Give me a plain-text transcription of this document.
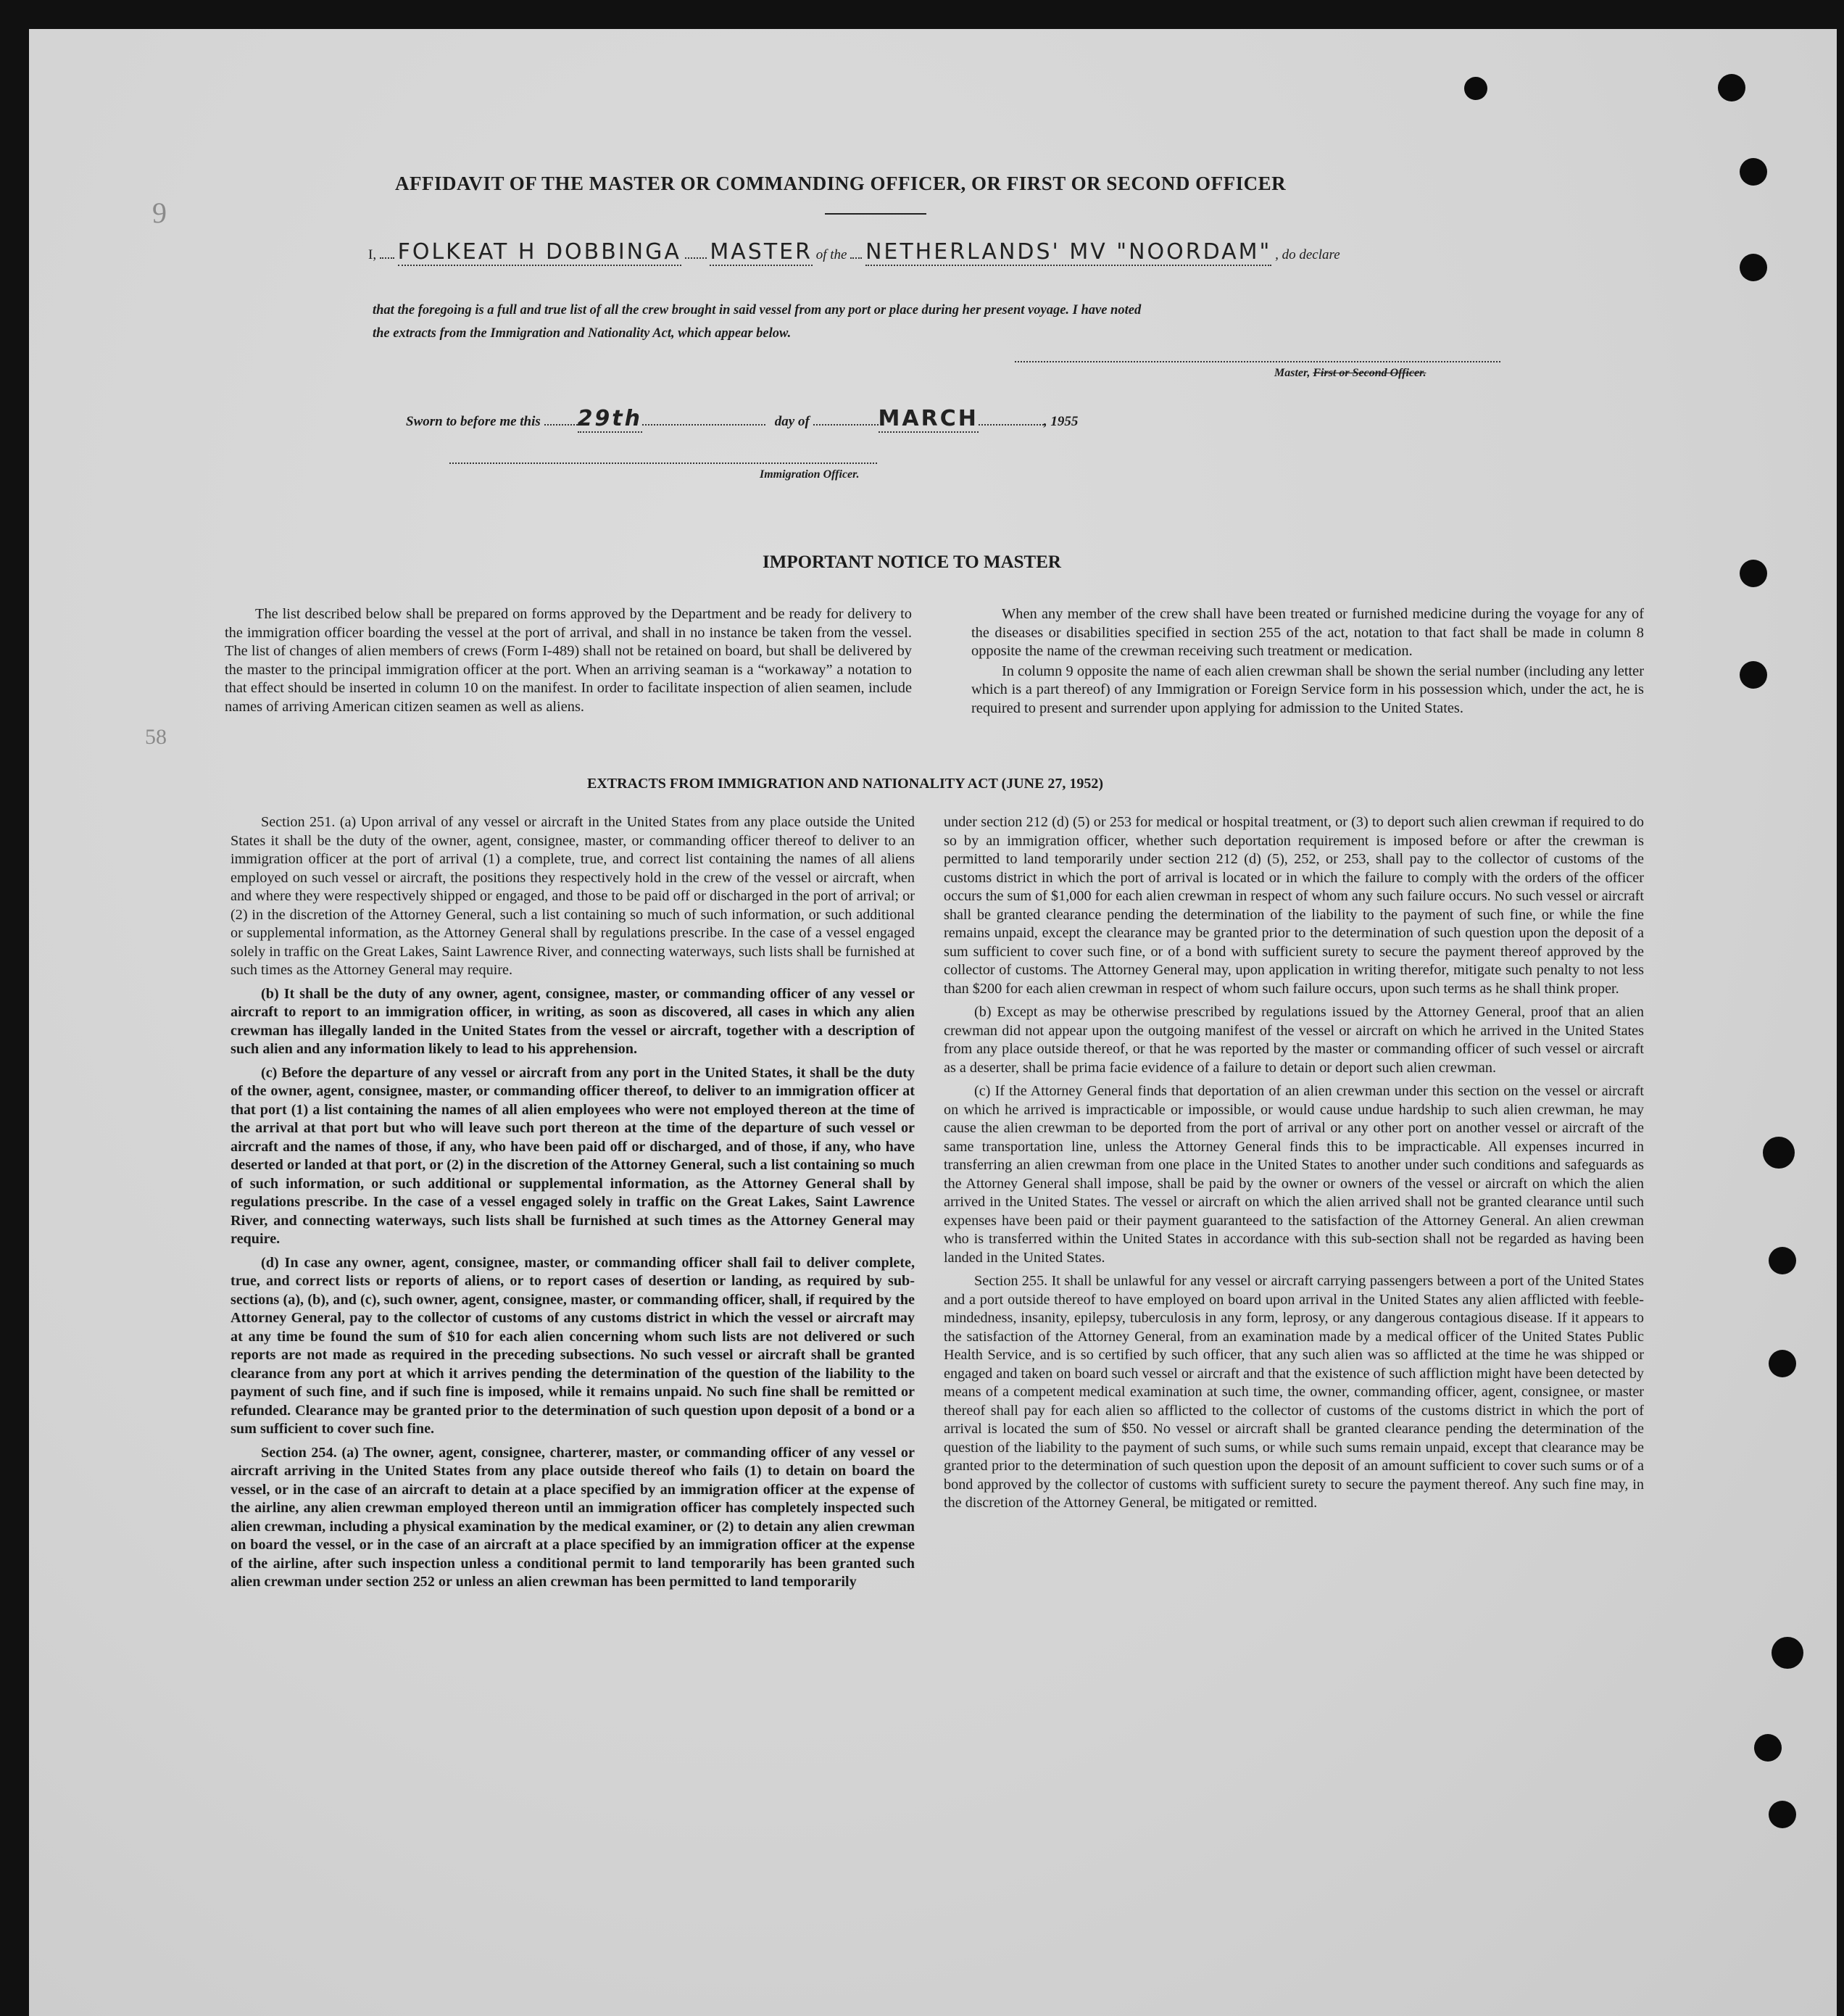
9
58
AFFIDAVIT OF THE MASTER OR COMMANDING OFFICER, OR FIRST OR SECOND OFFICER
I, FOLKEAT H DOBBINGA MASTER of the NETHERLANDS' MV "NOORDAM" , do declare
that the foregoing is a full and true list of all the crew brought in said vessel from any port or place during her present voyage. I have noted
the extracts from the Immigration and Nationality Act, which appear below.
Master, First or Second Officer.
Sworn to before me this 29th	day of	MARCH	, 1955
Immigration Officer.
IMPORTANT NOTICE TO MASTER

The list described below shall be prepared on forms approved by the Department and be ready for delivery to the immigration officer boarding the vessel at the port of arrival, and shall in no instance be taken from the vessel. The list of changes of alien members of crews (Form I-489) shall not be retained on board, but shall be delivered by the master to the principal immigration officer at the port. When an arriving seaman is a “workaway” a notation to that effect should be inserted in column 10 on the manifest. In order to facilitate inspection of alien seamen, include names of arriving American citizen seamen as well as aliens.

When any member of the crew shall have been treated or furnished medicine during the voyage for any of the diseases or disabilities specified in section 255 of the act, notation to that fact shall be made in column 8 opposite the name of the crewman receiving such treatment or medication.

In column 9 opposite the name of each alien crewman shall be shown the serial number (including any letter which is a part thereof) of any Immigration or Foreign Service form in his possession which, under the act, he is required to present and surrender upon applying for admission to the United States.

EXTRACTS FROM IMMIGRATION AND NATIONALITY ACT (JUNE 27, 1952)

Section 251. (a) Upon arrival of any vessel or aircraft in the United States from any place outside the United States it shall be the duty of the owner, agent, consignee, master, or commanding officer thereof to deliver to an immigration officer at the port of arrival (1) a complete, true, and correct list containing the names of all aliens employed on such vessel or aircraft, the positions they respectively hold in the crew of the vessel or aircraft, when and where they were respectively shipped or engaged, and those to be paid off or discharged in the port of arrival; or (2) in the discretion of the Attorney General, such a list containing so much of such information, or such additional or supplemental information, as the Attorney General shall by regulations prescribe. In the case of a vessel engaged solely in traffic on the Great Lakes, Saint Lawrence River, and connecting waterways, such lists shall be furnished at such times as the Attorney General may require.

(b) It shall be the duty of any owner, agent, consignee, master, or commanding officer of any vessel or aircraft to report to an immigration officer, in writing, as soon as discovered, all cases in which any alien crewman has illegally landed in the United States from the vessel or aircraft, together with a description of such alien and any information likely to lead to his apprehension.

(c) Before the departure of any vessel or aircraft from any port in the United States, it shall be the duty of the owner, agent, consignee, master, or commanding officer thereof, to deliver to an immigration officer at that port (1) a list containing the names of all alien employees who were not employed thereon at the time of the arrival at that port but who will leave such port thereon at the time of the departure of such vessel or aircraft and the names of those, if any, who have been paid off or discharged, and of those, if any, who have deserted or landed at that port, or (2) in the discretion of the Attorney General, such a list containing so much of such information, or such additional or supplemental information, as the Attorney General shall by regulations prescribe. In the case of a vessel engaged solely in traffic on the Great Lakes, Saint Lawrence River, and connecting waterways, such lists shall be furnished at such times as the Attorney General may require.

(d) In case any owner, agent, consignee, master, or commanding officer shall fail to deliver complete, true, and correct lists or reports of aliens, or to report cases of desertion or landing, as required by sub-sections (a), (b), and (c), such owner, agent, consignee, master, or commanding officer, shall, if required by the Attorney General, pay to the collector of customs of any customs district in which the vessel or aircraft may at any time be found the sum of $10 for each alien concerning whom such lists are not delivered or such reports are not made as required in the preceding subsections. No such vessel or aircraft shall be granted clearance from any port at which it arrives pending the determination of the question of the liability to the payment of such fine, and if such fine is imposed, while it remains unpaid. No such fine shall be remitted or refunded. Clearance may be granted prior to the determination of such question upon deposit of a bond or a sum sufficient to cover such fine.

Section 254. (a) The owner, agent, consignee, charterer, master, or commanding officer of any vessel or aircraft arriving in the United States from any place outside thereof who fails (1) to detain on board the vessel, or in the case of an aircraft to detain at a place specified by an immigration officer at the expense of the airline, any alien crewman employed thereon until an immigration officer has completely inspected such alien crewman, including a physical examination by the medical examiner, or (2) to detain any alien crewman on board the vessel, or in the case of an aircraft at a place specified by an immigration officer at the expense of the airline, after such inspection unless a conditional permit to land temporarily has been granted such alien crewman under section 252 or unless an alien crewman has been permitted to land temporarily

under section 212 (d) (5) or 253 for medical or hospital treatment, or (3) to deport such alien crewman if required to do so by an immigration officer, whether such deportation requirement is imposed before or after the crewman is permitted to land temporarily under section 212 (d) (5), 252, or 253, shall pay to the collector of customs of the customs district in which the port of arrival is located or in which the failure to comply with the orders of the officer occurs the sum of $1,000 for each alien crewman in respect of whom any such failure occurs. No such vessel or aircraft shall be granted clearance pending the determination of the liability to the payment of such fine, or while the fine remains unpaid, except the clearance may be granted prior to the determination of such question upon the deposit of a sum sufficient to cover such fine, or of a bond with sufficient surety to secure the payment thereof approved by the collector of customs. The Attorney General may, upon application in writing therefor, mitigate such penalty to not less than $200 for each alien crewman in respect of whom such failure occurs, upon such terms as he shall think proper.

(b) Except as may be otherwise prescribed by regulations issued by the Attorney General, proof that an alien crewman did not appear upon the outgoing manifest of the vessel or aircraft on which he arrived in the United States from any place outside thereof, or that he was reported by the master or commanding officer of such vessel or aircraft as a deserter, shall be prima facie evidence of a failure to detain or deport such alien crewman.

(c) If the Attorney General finds that deportation of an alien crewman under this section on the vessel or aircraft on which he arrived is impracticable or impossible, or would cause undue hardship to such alien crewman, he may cause the alien crewman to be deported from the port of arrival or any other port on another vessel or aircraft of the same transportation line, unless the Attorney General finds this to be impracticable. All expenses incurred in transferring an alien crewman from one place in the United States to another under such conditions and safeguards as the Attorney General shall impose, shall be paid by the owner or owners of the vessel or aircraft on which the alien arrived in the United States. The vessel or aircraft on which the alien arrived shall not be granted clearance until such expenses have been paid or their payment guaranteed to the satisfaction of the Attorney General. An alien crewman who is transferred within the United States in accordance with this sub-section shall not be regarded as having been landed in the United States.

Section 255. It shall be unlawful for any vessel or aircraft carrying passengers between a port of the United States and a port outside thereof to have employed on board upon arrival in the United States any alien afflicted with feeble-mindedness, insanity, epilepsy, tuberculosis in any form, leprosy, or any dangerous contagious disease. If it appears to the satisfaction of the Attorney General, from an examination made by a medical officer of the United States Public Health Service, and is so certified by such officer, that any such alien was so afflicted at the time he was shipped or engaged and taken on board such vessel or aircraft and that the existence of such affliction might have been detected by means of a competent medical examination at such time, the owner, commanding officer, agent, consignee, or master thereof shall pay for each alien so afflicted to the collector of customs of the customs district in which the port of arrival is located the sum of $50. No vessel or aircraft shall be granted clearance pending the determination of the question of the liability to the payment of such sums, or while such sums remain unpaid, except that clearance may be granted prior to the determination of such question upon the deposit of an amount sufficient to cover such sums or of a bond approved by the collector of customs with sufficient surety to secure the payment thereof. Any such fine may, in the discretion of the Attorney General, be mitigated or remitted.
